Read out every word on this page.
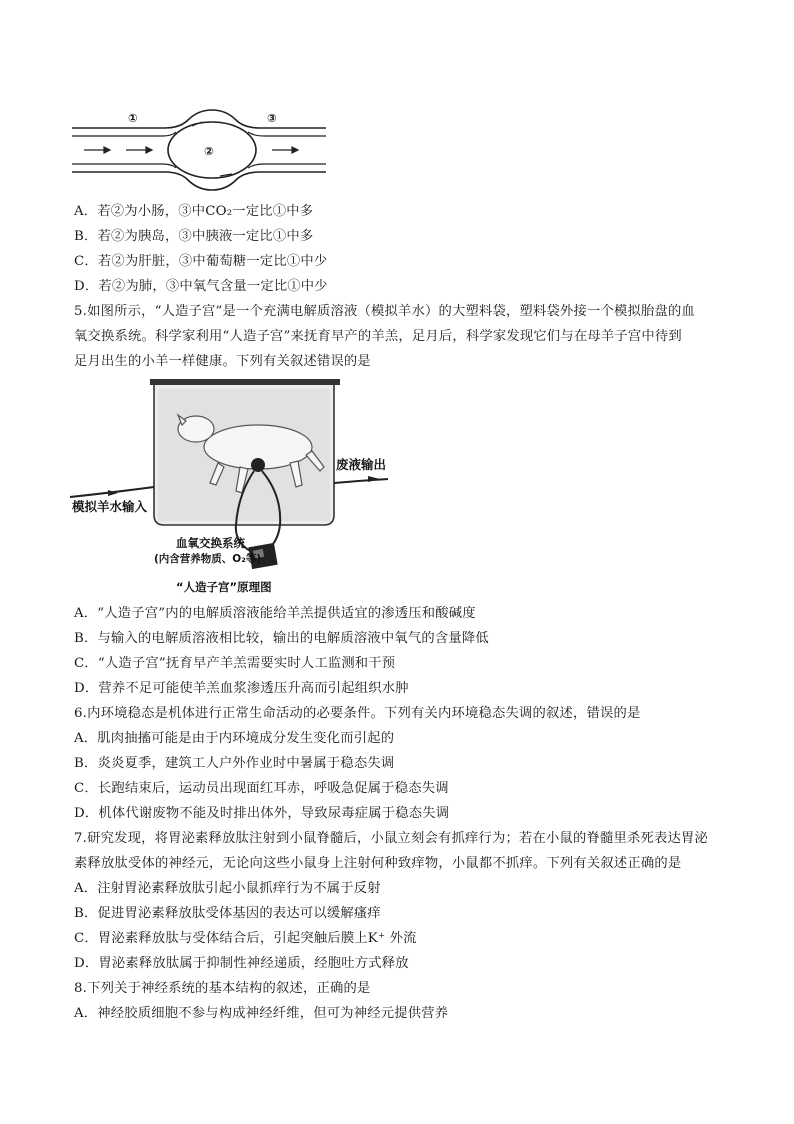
①
②
③
A．若②为小肠，③中CO₂一定比①中多
B．若②为胰岛，③中胰液一定比①中多
C．若②为肝脏，③中葡萄糖一定比①中少
D．若②为肺，③中氧气含量一定比①中少
5.如图所示，“人造子宫”是一个充满电解质溶液（模拟羊水）的大塑料袋，塑料袋外接一个模拟胎盘的血
氧交换系统。科学家利用“人造子宫”来抚育早产的羊羔，足月后，科学家发现它们与在母羊子宫中待到
足月出生的小羊一样健康。下列有关叙述错误的是
废液输出
模拟羊水输入
血氧交换系统
(内含营养物质、O₂等)
“人造子宫”原理图
A．“人造子宫”内的电解质溶液能给羊羔提供适宜的渗透压和酸碱度
B．与输入的电解质溶液相比较，输出的电解质溶液中氧气的含量降低
C．“人造子宫”抚育早产羊羔需要实时人工监测和干预
D．营养不足可能使羊羔血浆渗透压升高而引起组织水肿
6.内环境稳态是机体进行正常生命活动的必要条件。下列有关内环境稳态失调的叙述，错误的是
A．肌肉抽搐可能是由于内环境成分发生变化而引起的
B．炎炎夏季，建筑工人户外作业时中暑属于稳态失调
C．长跑结束后，运动员出现面红耳赤，呼吸急促属于稳态失调
D．机体代谢废物不能及时排出体外，导致尿毒症属于稳态失调
7.研究发现，将胃泌素释放肽注射到小鼠脊髓后，小鼠立刻会有抓痒行为；若在小鼠的脊髓里杀死表达胃泌
素释放肽受体的神经元，无论向这些小鼠身上注射何种致痒物，小鼠都不抓痒。下列有关叙述正确的是
A．注射胃泌素释放肽引起小鼠抓痒行为不属于反射
B．促进胃泌素释放肽受体基因的表达可以缓解瘙痒
C．胃泌素释放肽与受体结合后，引起突触后膜上K⁺ 外流
D．胃泌素释放肽属于抑制性神经递质，经胞吐方式释放
8.下列关于神经系统的基本结构的叙述，正确的是
A．神经胶质细胞不参与构成神经纤维，但可为神经元提供营养
